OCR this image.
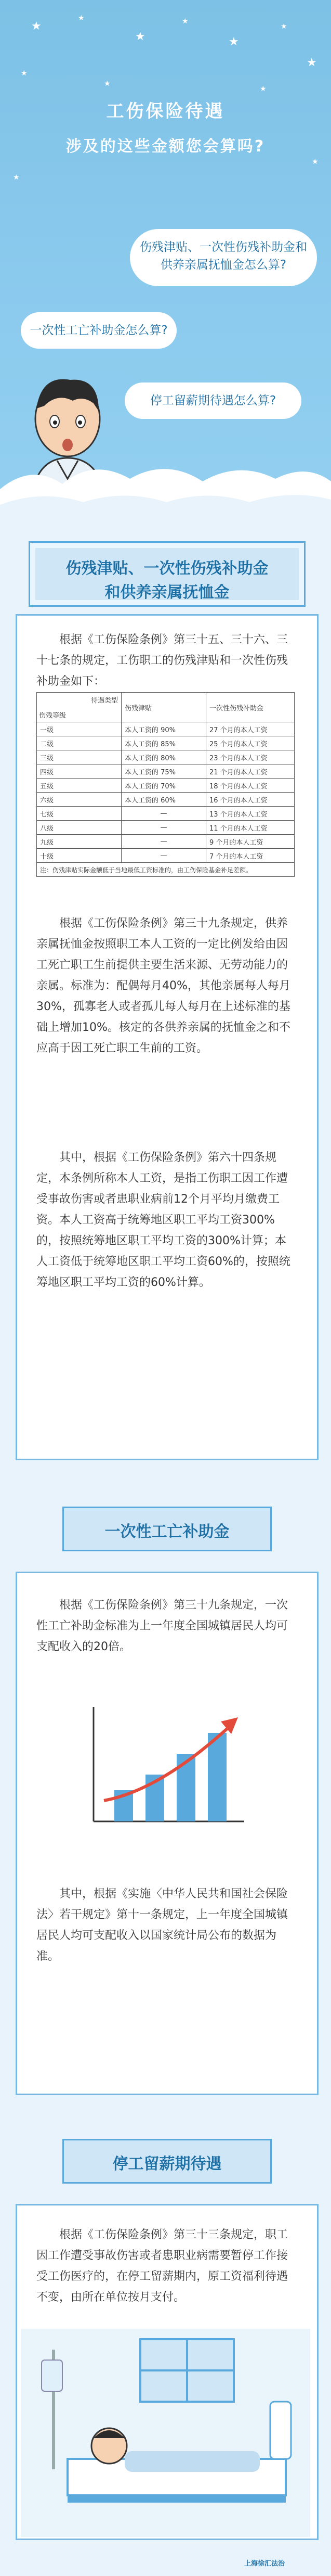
★
★
★
★
★
★
★
★
★
★
★
★
工伤保险待遇
涉及的这些金额您会算吗?
伤残津贴、一次性伤残补助金和
供养亲属抚恤金怎么算?
一次性工亡补助金怎么算?
停工留薪期待遇怎么算?
伤残津贴、一次性伤残补助金
和供养亲属抚恤金
根据《工伤保险条例》第三十五、三十六、三十七条的规定，工伤职工的伤残津贴和一次性伤残补助金如下：
待遇类型
伤残等级	伤残津贴	一次性伤残补助金
一级	本人工资的 90%	27 个月的本人工资
二级	本人工资的 85%	25 个月的本人工资
三级	本人工资的 80%	23 个月的本人工资
四级	本人工资的 75%	21 个月的本人工资
五级	本人工资的 70%	18 个月的本人工资
六级	本人工资的 60%	16 个月的本人工资
七级	—	13 个月的本人工资
八级	—	11 个月的本人工资
九级	—	9 个月的本人工资
十级	—	7 个月的本人工资
注：伤残津贴实际金额低于当地最低工资标准的，由工伤保险基金补足差额。		
根据《工伤保险条例》第三十九条规定，供养亲属抚恤金按照职工本人工资的一定比例发给由因工死亡职工生前提供主要生活来源、无劳动能力的亲属。标准为：配偶每月40%，其他亲属每人每月30%，孤寡老人或者孤儿每人每月在上述标准的基础上增加10%。核定的各供养亲属的抚恤金之和不应高于因工死亡职工生前的工资。
其中，根据《工伤保险条例》第六十四条规定，本条例所称本人工资，是指工伤职工因工作遭受事故伤害或者患职业病前12个月平均月缴费工资。本人工资高于统筹地区职工平均工资300%的，按照统筹地区职工平均工资的300%计算；本人工资低于统筹地区职工平均工资60%的，按照统筹地区职工平均工资的60%计算。
一次性工亡补助金
根据《工伤保险条例》第三十九条规定，一次性工亡补助金标准为上一年度全国城镇居民人均可支配收入的20倍。
其中，根据《实施〈中华人民共和国社会保险法〉若干规定》第十一条规定，上一年度全国城镇居民人均可支配收入以国家统计局公布的数据为准。
停工留薪期待遇
根据《工伤保险条例》第三十三条规定，职工因工作遭受事故伤害或者患职业病需要暂停工作接受工伤医疗的，在停工留薪期内，原工资福利待遇不变，由所在单位按月支付。
上海徐汇法治
